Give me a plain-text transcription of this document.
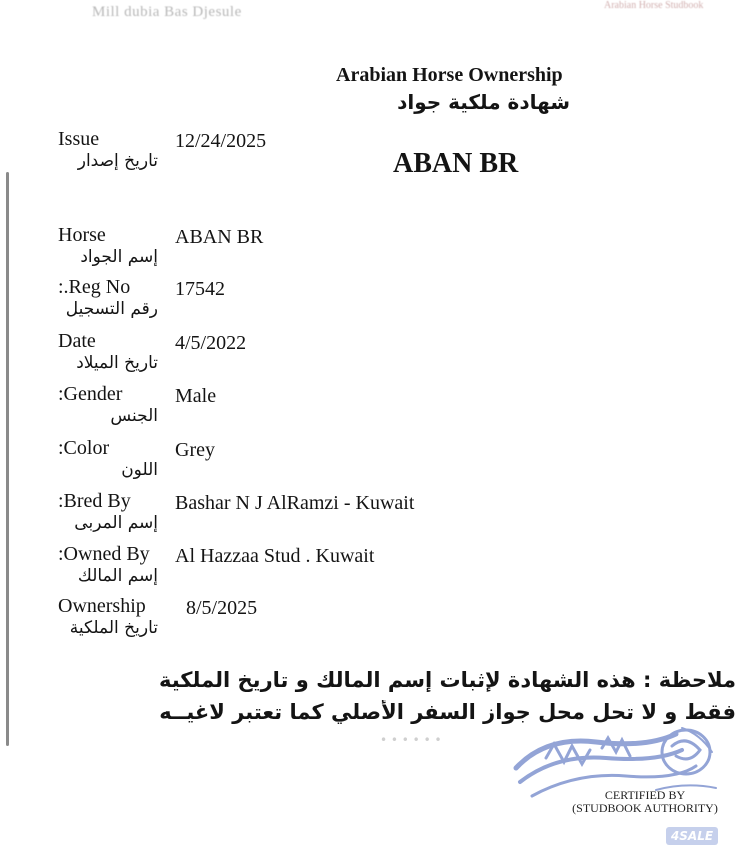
Mill dubia Bas Djesule	Arabian Horse Studbook
Arabian Horse Ownership
شهادة ملكية جواد
ABAN BR
Issue
تاريخ إصدار
12/24/2025
Horse
إسم الجواد
ABAN BR
:.Reg No
رقم التسجيل
17542
Date
تاريخ الميلاد
4/5/2022
:Gender
الجنس
Male
:Color
اللون
Grey
:Bred By
إسم المربى
Bashar N J AlRamzi - Kuwait
:Owned By
إسم المالك
Al Hazzaa Stud . Kuwait
Ownership
تاريخ الملكية
8/5/2025
ملاحظة : هذه الشهادة لإثبات إسم المالك و تاريخ الملكية
فقط و لا تحل محل جواز السفر الأصلي كما تعتبر لاغيــه
• • • • • •
CERTIFIED BY
(STUDBOOK AUTHORITY)
4SALE
